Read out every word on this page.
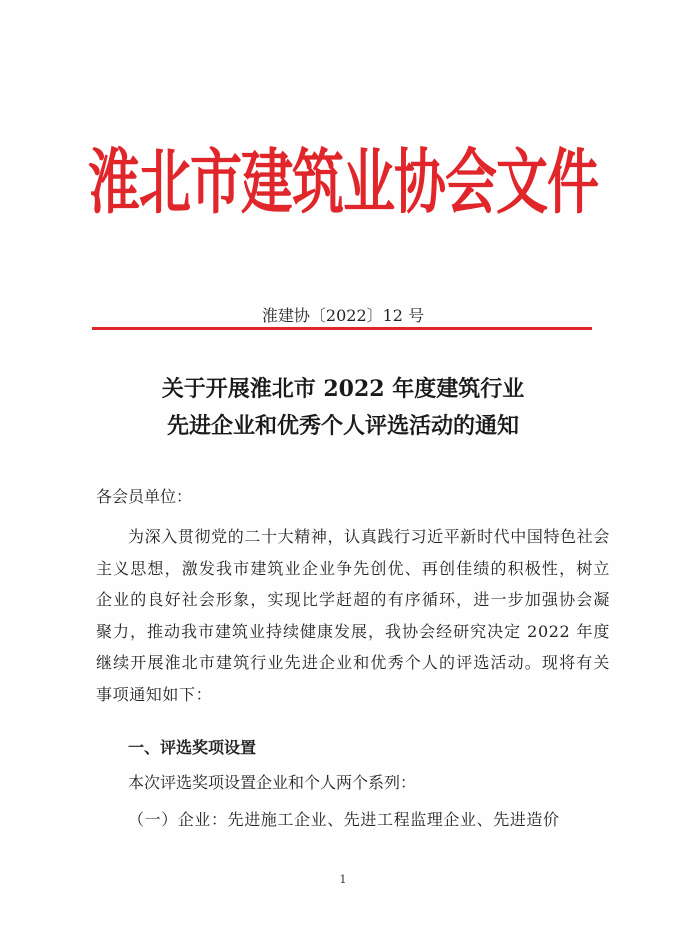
淮北市建筑业协会文件
淮建协〔2022〕12 号
关于开展淮北市 2022 年度建筑行业
先进企业和优秀个人评选活动的通知
各会员单位：
为深入贯彻党的二十大精神，认真践行习近平新时代中国特色社会主义思想，激发我市建筑业企业争先创优、再创佳绩的积极性，树立企业的良好社会形象，实现比学赶超的有序循环，进一步加强协会凝聚力，推动我市建筑业持续健康发展，我协会经研究决定 2022 年度继续开展淮北市建筑行业先进企业和优秀个人的评选活动。现将有关事项通知如下：
一、评选奖项设置
本次评选奖项设置企业和个人两个系列：
（一）企业：先进施工企业、先进工程监理企业、先进造价
1
